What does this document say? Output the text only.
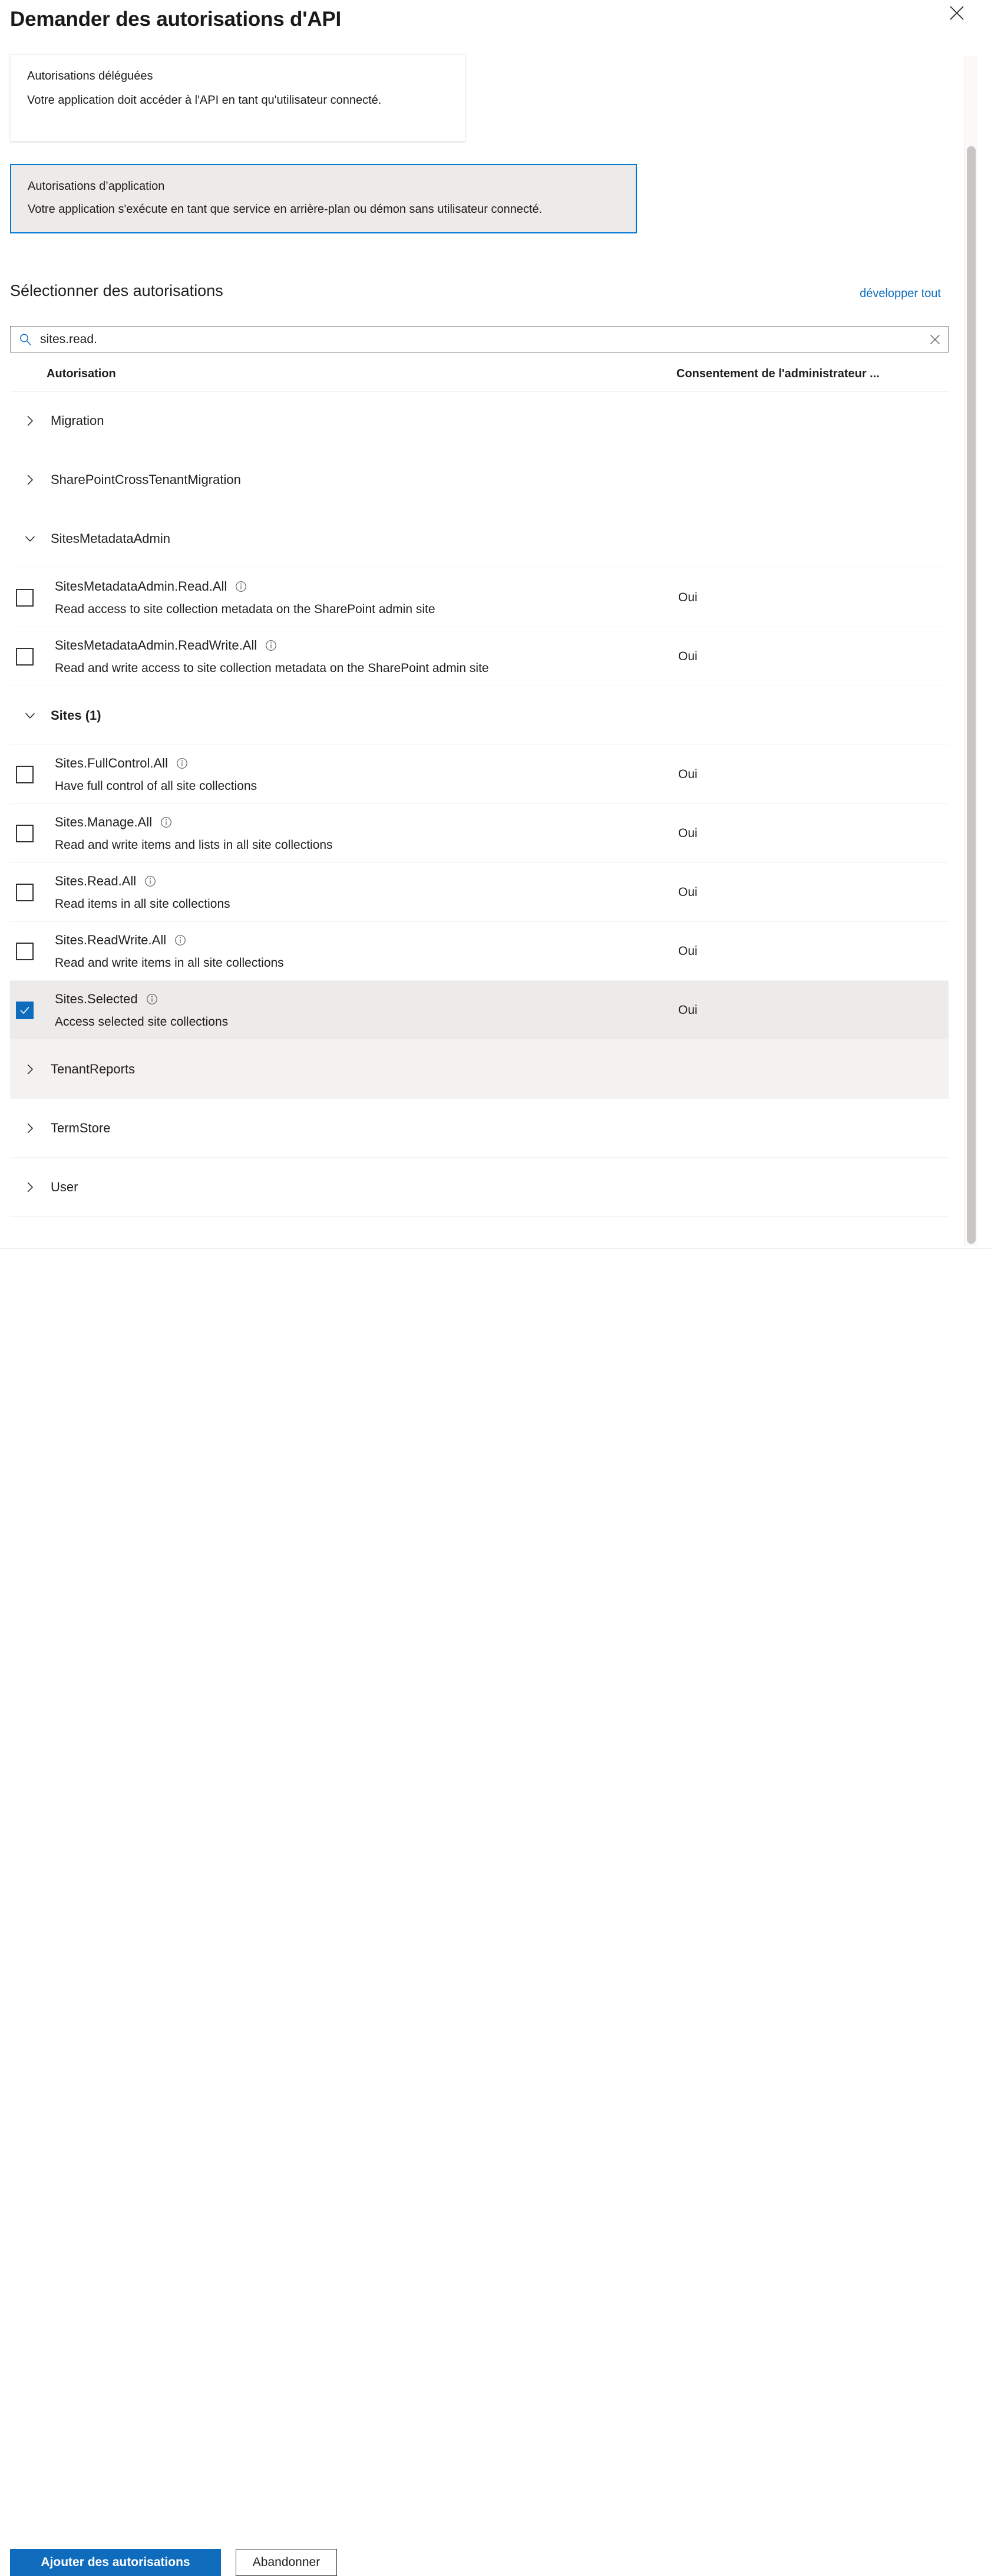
Demander des autorisations d'API
Autorisations déléguées
Votre application doit accéder à l'API en tant qu'utilisateur connecté.
Autorisations d’application
Votre application s'exécute en tant que service en arrière-plan ou démon sans utilisateur connecté.
Sélectionner des autorisations	développer tout
sites.read.
Autorisation	Consentement de l'administrateur ...
Migration
SharePointCrossTenantMigration
SitesMetadataAdmin
SitesMetadataAdmin.Read.All
Read access to site collection metadata on the SharePoint admin site
Oui
SitesMetadataAdmin.ReadWrite.All
Read and write access to site collection metadata on the SharePoint admin site
Oui
Sites (1)
Sites.FullControl.All
Have full control of all site collections
Oui
Sites.Manage.All
Read and write items and lists in all site collections
Oui
Sites.Read.All
Read items in all site collections
Oui
Sites.ReadWrite.All
Read and write items in all site collections
Oui
Sites.Selected
Access selected site collections
Oui
TenantReports
TermStore
User
Ajouter des autorisations	Abandonner
